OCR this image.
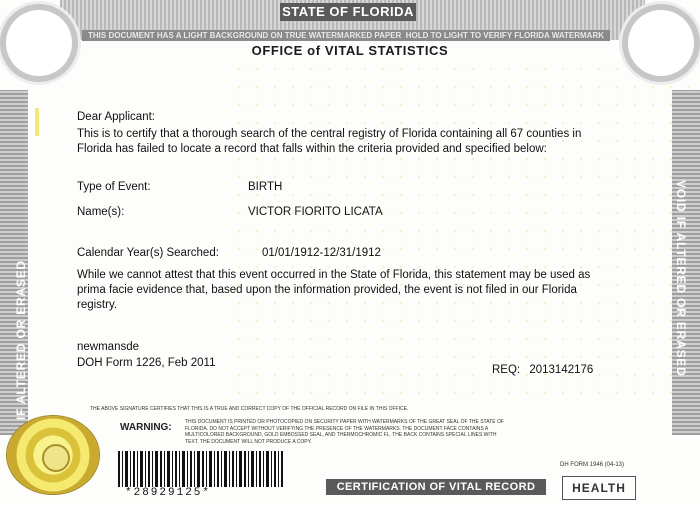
STATE OF FLORIDA
THIS DOCUMENT HAS A LIGHT BACKGROUND ON TRUE WATERMARKED PAPER HOLD TO LIGHT TO VERIFY FLORIDA WATERMARK
OFFICE of VITAL STATISTICS
IF ALTERED OR ERASED	VOID IF ALTERED OR ERASED
Dear Applicant:
This is to certify that a thorough search of the central registry of Florida containing all 67 counties in Florida has failed to locate a record that falls within the criteria provided and specified below:
Type of Event:	BIRTH
Name(s):	VICTOR FIORITO LICATA
Calendar Year(s) Searched:	01/01/1912-12/31/1912
While we cannot attest that this event occurred in the State of Florida, this statement may be used as prima facie evidence that, based upon the information provided, the event is not filed in our Florida registry.
newmansde
DOH Form 1226, Feb 2011
REQ: 2013142176
THE ABOVE SIGNATURE CERTIFIES THAT THIS IS A TRUE AND CORRECT COPY OF THE OFFICIAL RECORD ON FILE IN THIS OFFICE.
WARNING:	THIS DOCUMENT IS PRINTED OR PHOTOCOPIED ON SECURITY PAPER WITH WATERMARKS OF THE GREAT SEAL OF THE STATE OF FLORIDA. DO NOT ACCEPT WITHOUT VERIFYING THE PRESENCE OF THE WATERMARKS. THE DOCUMENT FACE CONTAINS A MULTICOLORED BACKGROUND, GOLD EMBOSSED SEAL, AND THERMOCHROMIC FL. THE BACK CONTAINS SPECIAL LINES WITH TEXT. THE DOCUMENT WILL NOT PRODUCE A COPY.
*28929125*
DH FORM 1946 (04-13)
CERTIFICATION OF VITAL RECORD	HEALTH
